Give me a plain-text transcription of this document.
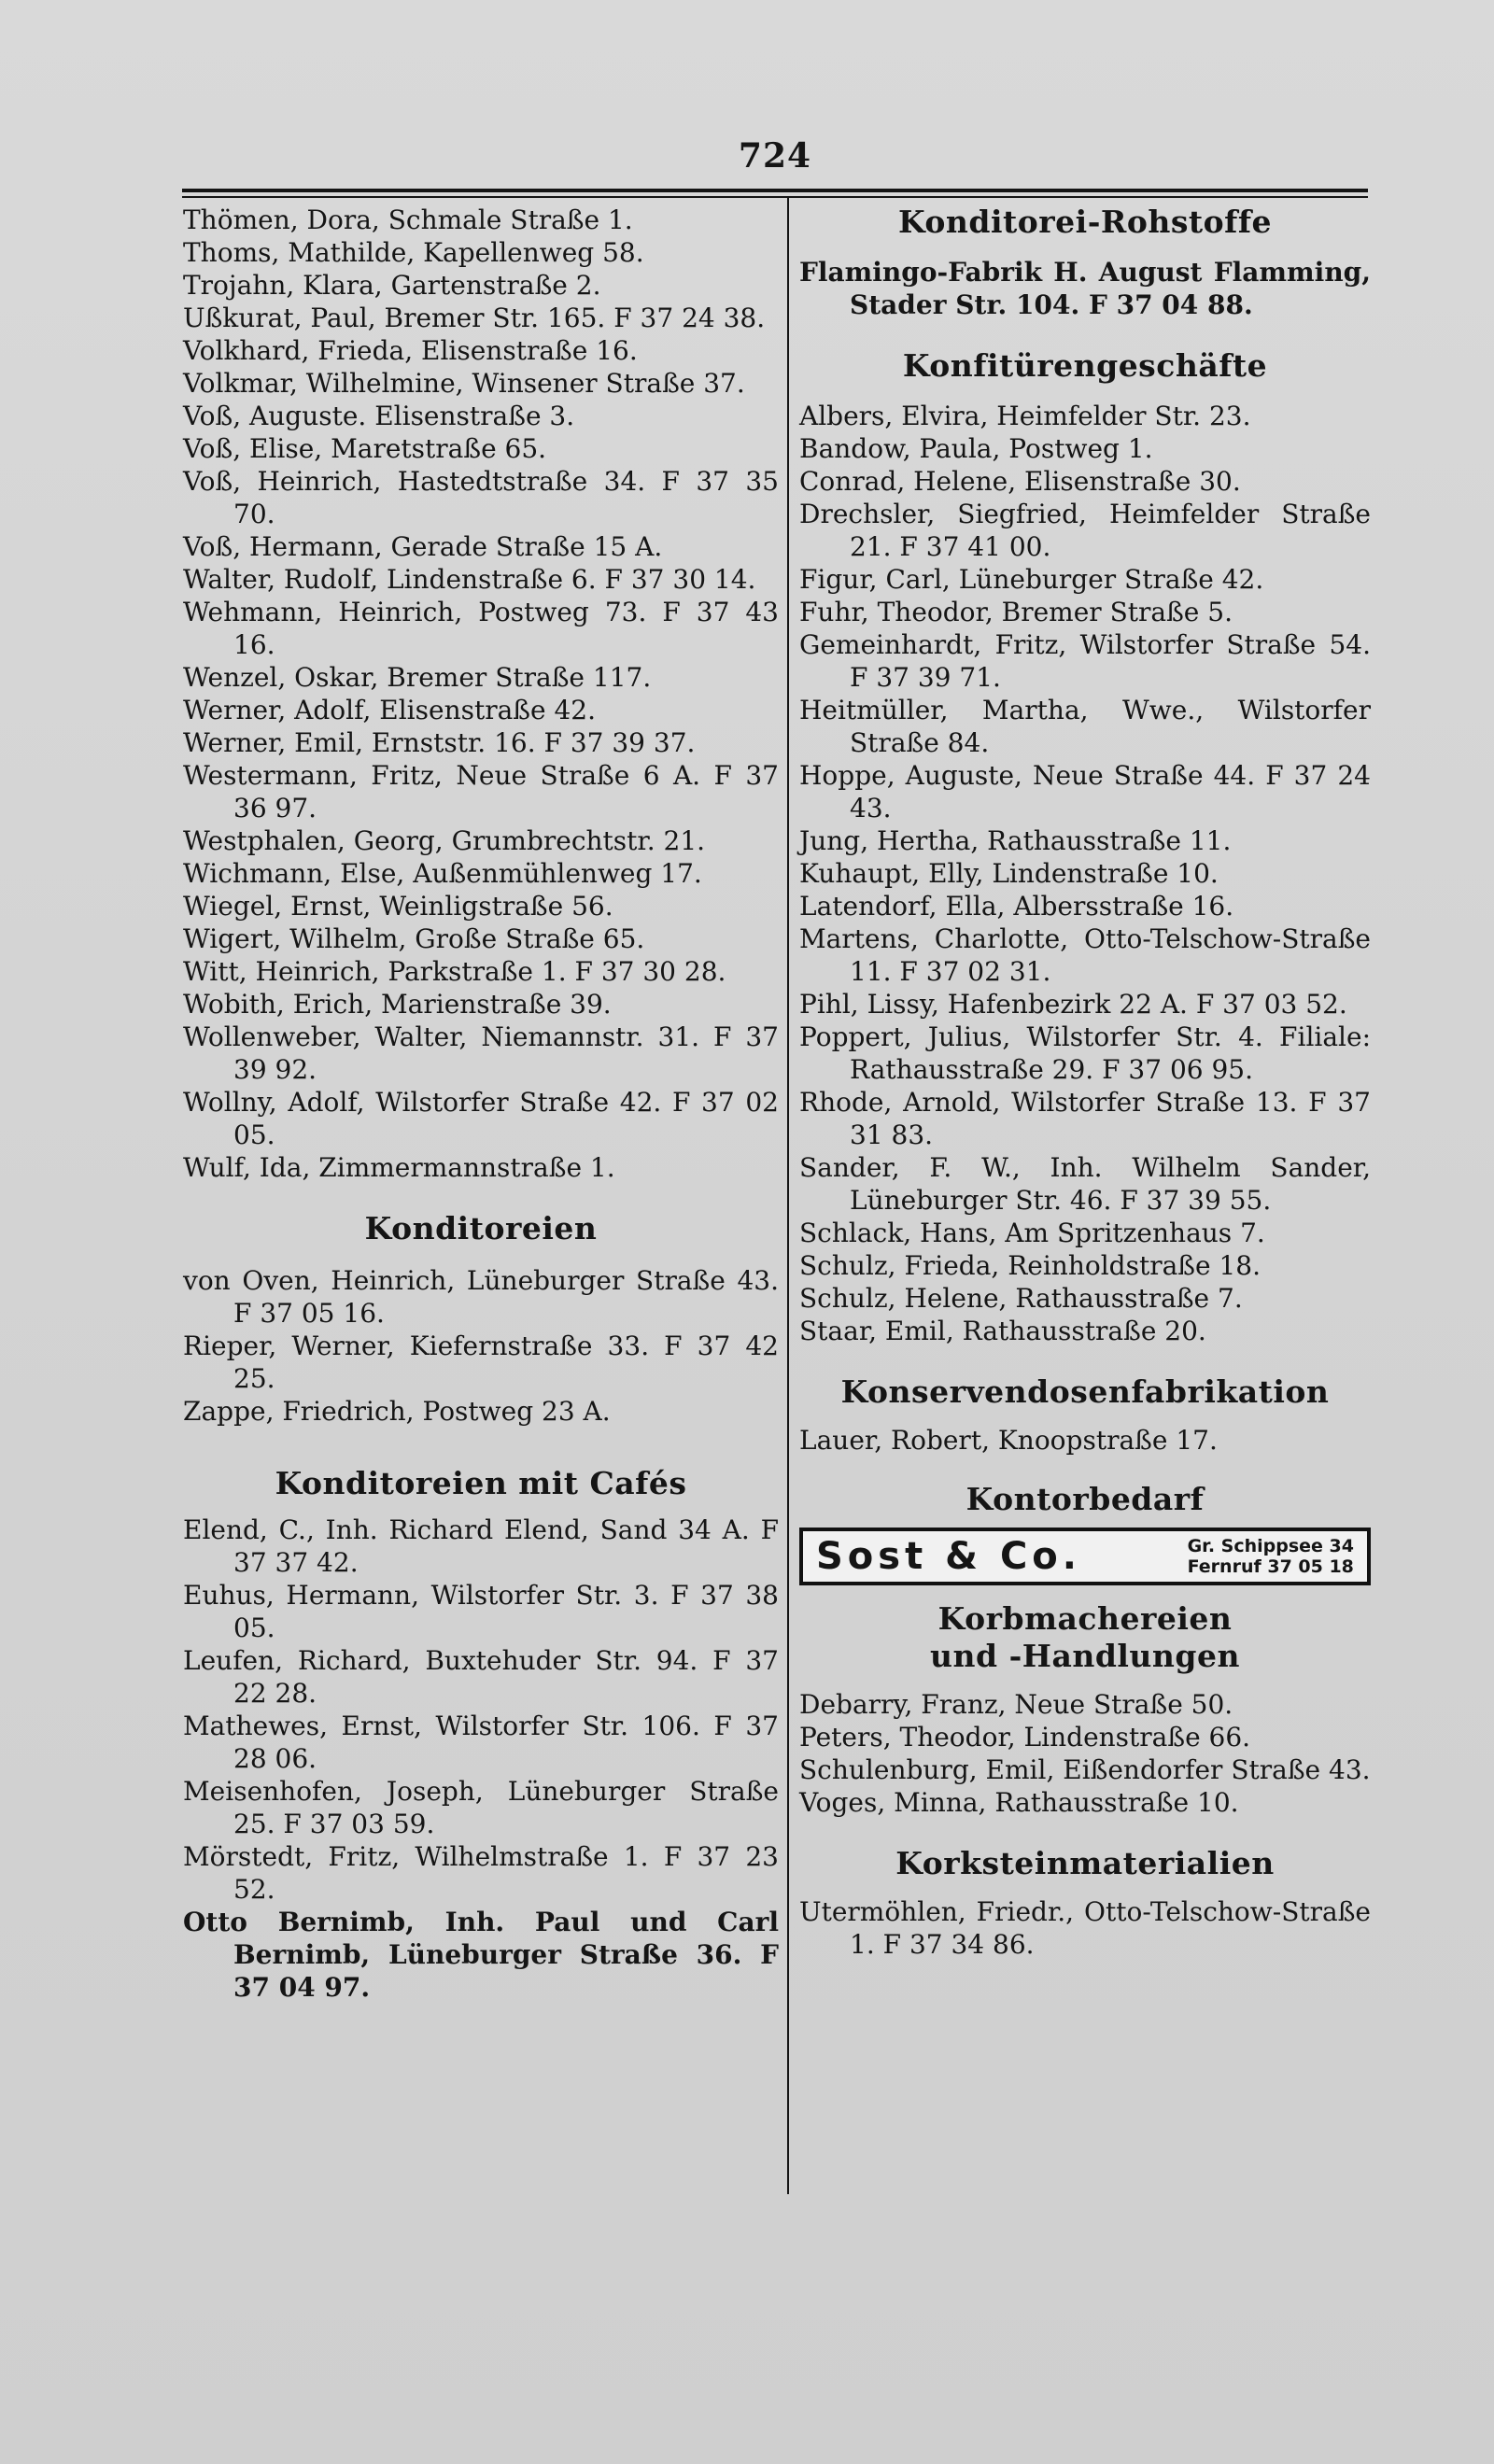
724
Thömen, Dora, Schmale Straße 1.
Thoms, Mathilde, Kapellenweg 58.
Trojahn, Klara, Gartenstraße 2.
Ußkurat, Paul, Bremer Str. 165. F 37 24 38.
Volkhard, Frieda, Elisenstraße 16.
Volkmar, Wilhelmine, Winsener Straße 37.
Voß, Auguste. Elisenstraße 3.
Voß, Elise, Maretstraße 65.
Voß, Heinrich, Hastedtstraße 34. F 37 35 70.
Voß, Hermann, Gerade Straße 15 A.
Walter, Rudolf, Lindenstraße 6. F 37 30 14.
Wehmann, Heinrich, Postweg 73. F 37 43 16.
Wenzel, Oskar, Bremer Straße 117.
Werner, Adolf, Elisenstraße 42.
Werner, Emil, Ernststr. 16. F 37 39 37.
Westermann, Fritz, Neue Straße 6 A. F 37 36 97.
Westphalen, Georg, Grumbrechtstr. 21.
Wichmann, Else, Außenmühlenweg 17.
Wiegel, Ernst, Weinligstraße 56.
Wigert, Wilhelm, Große Straße 65.
Witt, Heinrich, Parkstraße 1. F 37 30 28.
Wobith, Erich, Marienstraße 39.
Wollenweber, Walter, Niemannstr. 31. F 37 39 92.
Wollny, Adolf, Wilstorfer Straße 42. F 37 02 05.
Wulf, Ida, Zimmermannstraße 1.
Konditoreien
von Oven, Heinrich, Lüneburger Straße 43. F 37 05 16.
Rieper, Werner, Kiefernstraße 33. F 37 42 25.
Zappe, Friedrich, Postweg 23 A.
Konditoreien mit Cafés
Elend, C., Inh. Richard Elend, Sand 34 A. F 37 37 42.
Euhus, Hermann, Wilstorfer Str. 3. F 37 38 05.
Leufen, Richard, Buxtehuder Str. 94. F 37 22 28.
Mathewes, Ernst, Wilstorfer Str. 106. F 37 28 06.
Meisenhofen, Joseph, Lüneburger Straße 25. F 37 03 59.
Mörstedt, Fritz, Wilhelmstraße 1. F 37 23 52.
Otto Bernimb, Inh. Paul und Carl Bernimb, Lüneburger Straße 36. F 37 04 97.
Konditorei-Rohstoffe
Flamingo-Fabrik H. August Flamming, Stader Str. 104. F 37 04 88.
Konfitürengeschäfte
Albers, Elvira, Heimfelder Str. 23.
Bandow, Paula, Postweg 1.
Conrad, Helene, Elisenstraße 30.
Drechsler, Siegfried, Heimfelder Straße 21. F 37 41 00.
Figur, Carl, Lüneburger Straße 42.
Fuhr, Theodor, Bremer Straße 5.
Gemeinhardt, Fritz, Wilstorfer Straße 54. F 37 39 71.
Heitmüller, Martha, Wwe., Wilstorfer Straße 84.
Hoppe, Auguste, Neue Straße 44. F 37 24 43.
Jung, Hertha, Rathausstraße 11.
Kuhaupt, Elly, Lindenstraße 10.
Latendorf, Ella, Albersstraße 16.
Martens, Charlotte, Otto-Telschow-Straße 11. F 37 02 31.
Pihl, Lissy, Hafenbezirk 22 A. F 37 03 52.
Poppert, Julius, Wilstorfer Str. 4. Filiale: Rathausstraße 29. F 37 06 95.
Rhode, Arnold, Wilstorfer Straße 13. F 37 31 83.
Sander, F. W., Inh. Wilhelm Sander, Lüneburger Str. 46. F 37 39 55.
Schlack, Hans, Am Spritzenhaus 7.
Schulz, Frieda, Reinholdstraße 18.
Schulz, Helene, Rathausstraße 7.
Staar, Emil, Rathausstraße 20.
Konservendosenfabrikation
Lauer, Robert, Knoopstraße 17.
Kontorbedarf
Sost & Co.	Gr. Schippsee 34
Fernruf 37 05 18
Korbmachereien
und -Handlungen
Debarry, Franz, Neue Straße 50.
Peters, Theodor, Lindenstraße 66.
Schulenburg, Emil, Eißendorfer Straße 43.
Voges, Minna, Rathausstraße 10.
Korksteinmaterialien
Utermöhlen, Friedr., Otto-Telschow-Straße 1. F 37 34 86.
